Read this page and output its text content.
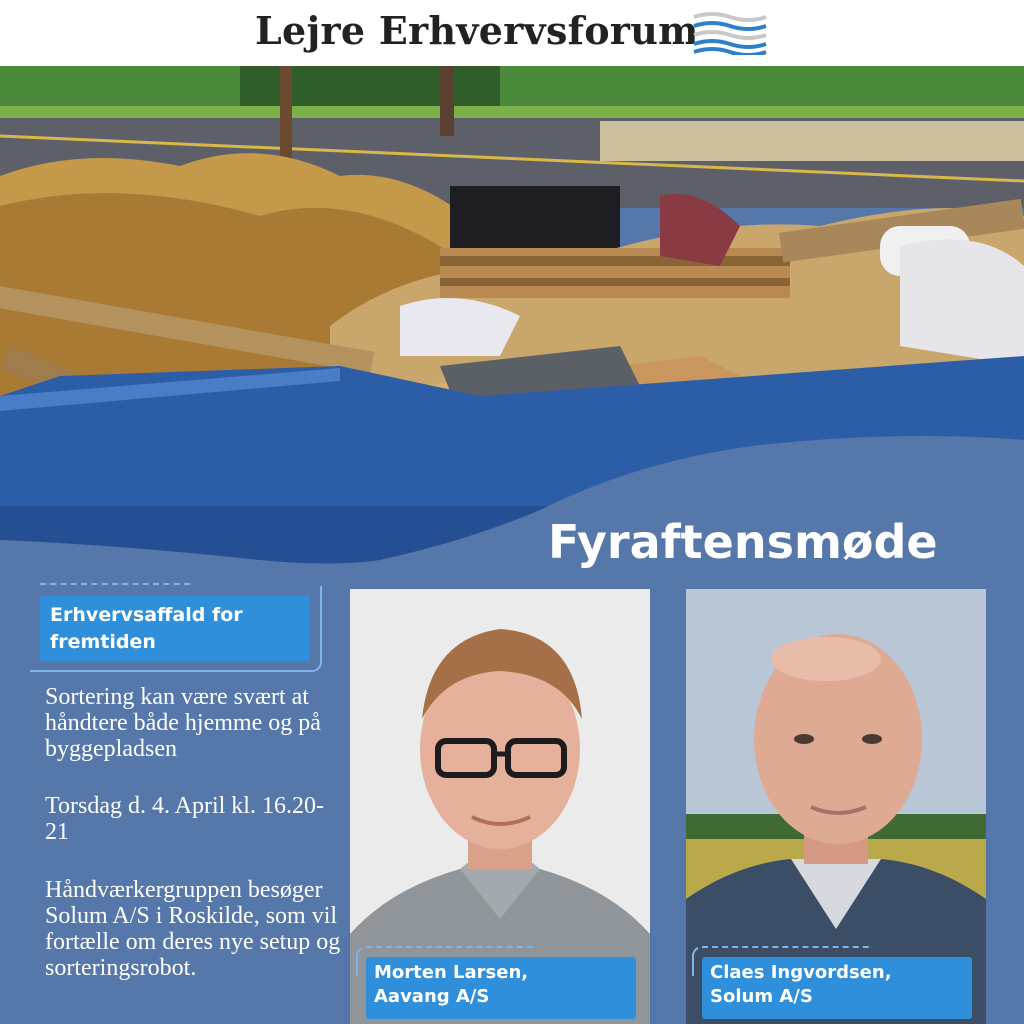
Lejre Erhvervsforum
Fyraftensmøde
Erhvervsaffald for fremtiden
Sortering kan være svært at håndtere både hjemme og på byggepladsen
Torsdag d. 4. April kl. 16.20-21
Håndværkergruppen besøger Solum A/S i Roskilde, som vil fortælle om deres nye setup og sorteringsrobot.	Morten Larsen,
Aavang A/S
Claes Ingvordsen,
Solum A/S
